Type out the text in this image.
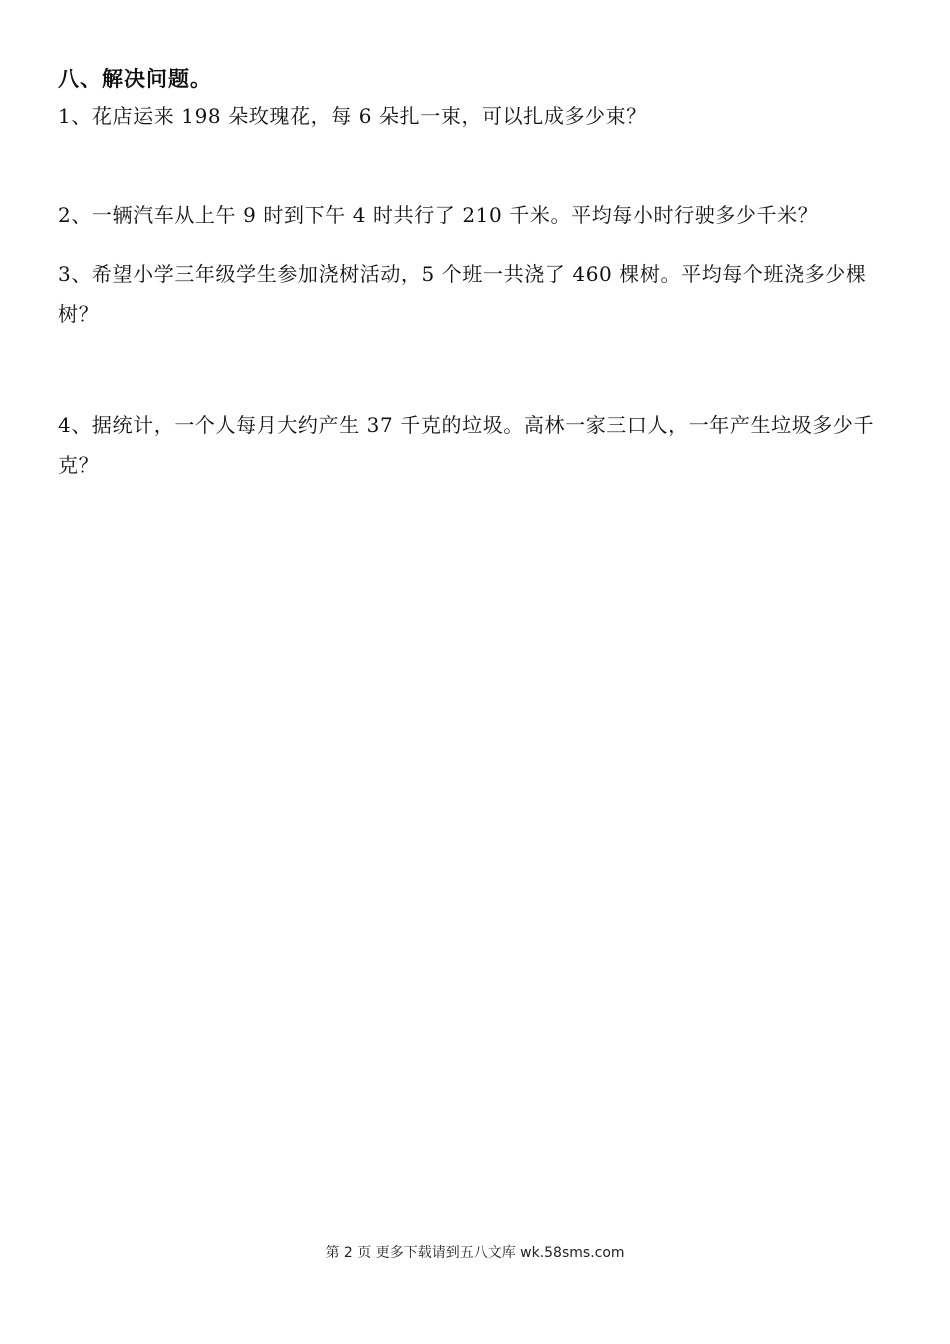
八、解决问题。

1、花店运来 198 朵玫瑰花，每 6 朵扎一束，可以扎成多少束？

2、一辆汽车从上午 9 时到下午 4 时共行了 210 千米。平均每小时行驶多少千米？

3、希望小学三年级学生参加浇树活动，5 个班一共浇了 460 棵树。平均每个班浇多少棵树？

4、据统计，一个人每月大约产生 37 千克的垃圾。高林一家三口人，一年产生垃圾多少千克？

第 2 页 更多下载请到五八文库 wk.58sms.com
